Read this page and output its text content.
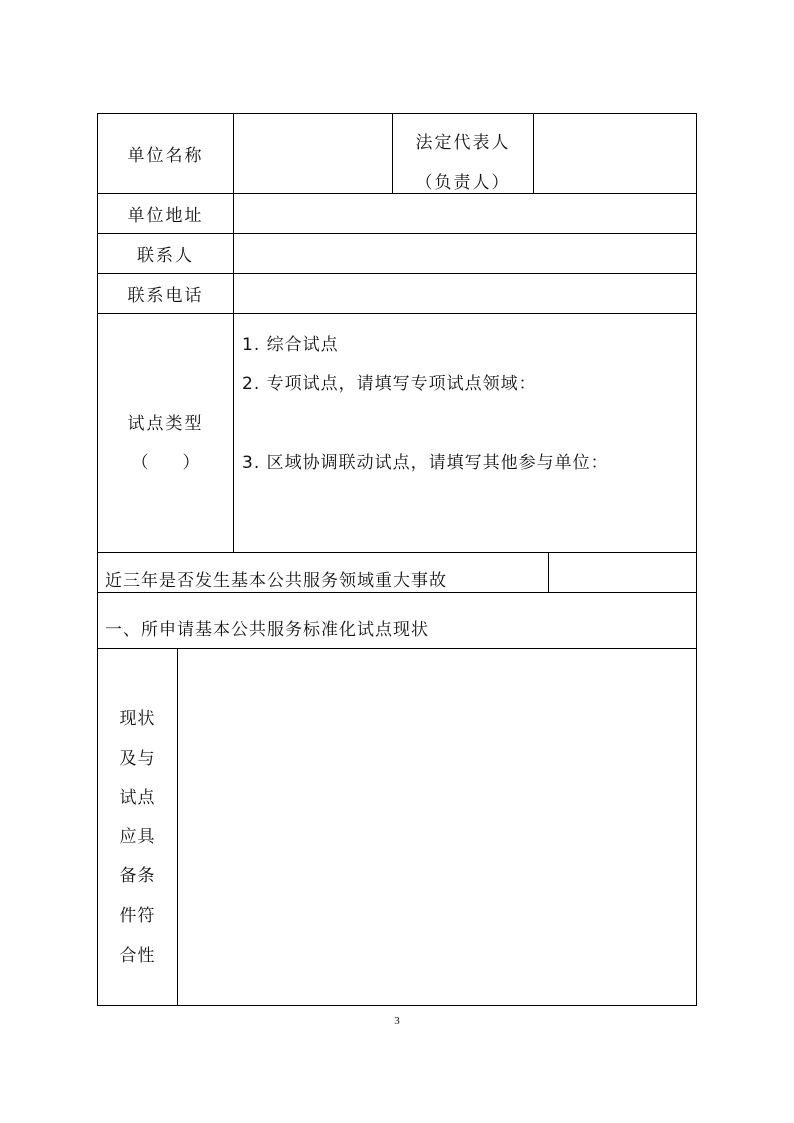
单位名称
法定代表人
（负责人）
单位地址
联系人
联系电话
试点类型
（　　）
1. 综合试点
2. 专项试点，请填写专项试点领域：
3. 区域协调联动试点，请填写其他参与单位：
近三年是否发生基本公共服务领域重大事故
一、所申请基本公共服务标准化试点现状
现状
及与
试点
应具
备条
件符
合性
3
